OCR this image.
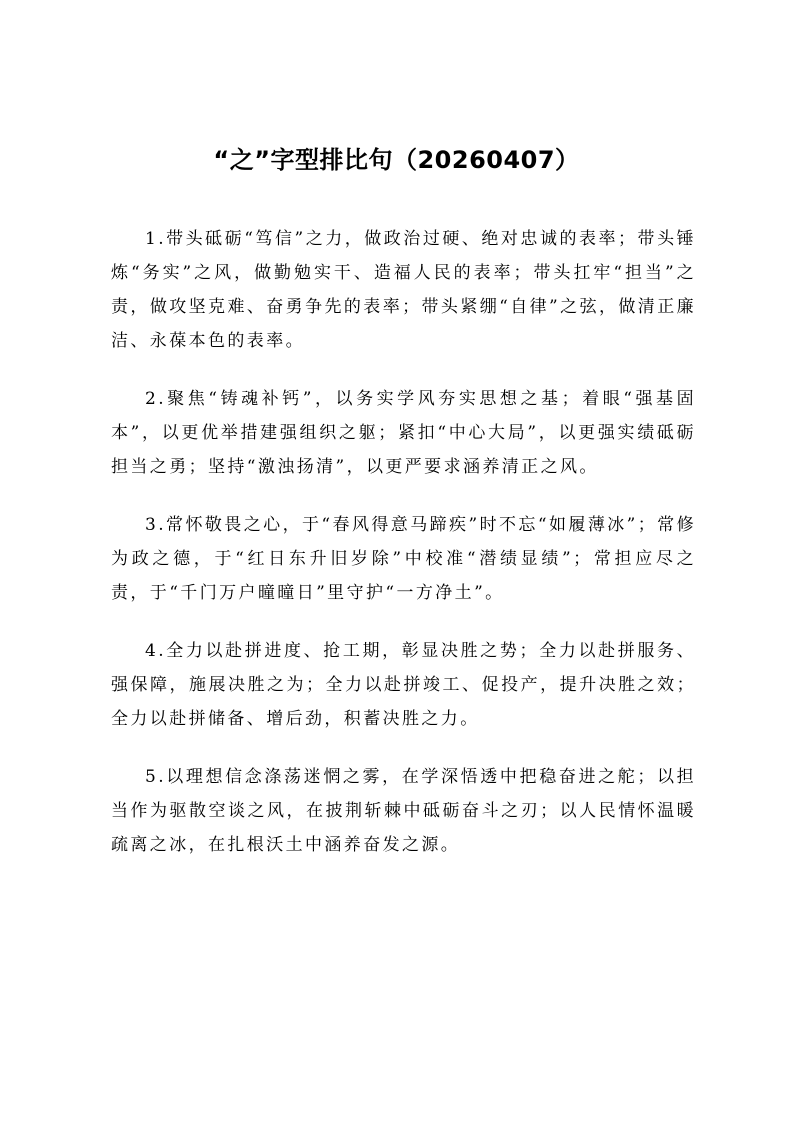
“之”字型排比句（20260407）

1.带头砥砺“笃信”之力，做政治过硬、绝对忠诚的表率；带头锤炼“务实”之风，做勤勉实干、造福人民的表率；带头扛牢“担当”之责，做攻坚克难、奋勇争先的表率；带头紧绷“自律”之弦，做清正廉洁、永葆本色的表率。

2.聚焦“铸魂补钙”，以务实学风夯实思想之基；着眼“强基固本”，以更优举措建强组织之躯；紧扣“中心大局”，以更强实绩砥砺担当之勇；坚持“激浊扬清”，以更严要求涵养清正之风。

3.常怀敬畏之心，于“春风得意马蹄疾”时不忘“如履薄冰”；常修为政之德，于“红日东升旧岁除”中校准“潜绩显绩”；常担应尽之责，于“千门万户曈曈日”里守护“一方净土”。

4.全力以赴拼进度、抢工期，彰显决胜之势；全力以赴拼服务、强保障，施展决胜之为；全力以赴拼竣工、促投产，提升决胜之效；全力以赴拼储备、增后劲，积蓄决胜之力。

5.以理想信念涤荡迷惘之雾，在学深悟透中把稳奋进之舵；以担当作为驱散空谈之风，在披荆斩棘中砥砺奋斗之刃；以人民情怀温暖疏离之冰，在扎根沃土中涵养奋发之源。
